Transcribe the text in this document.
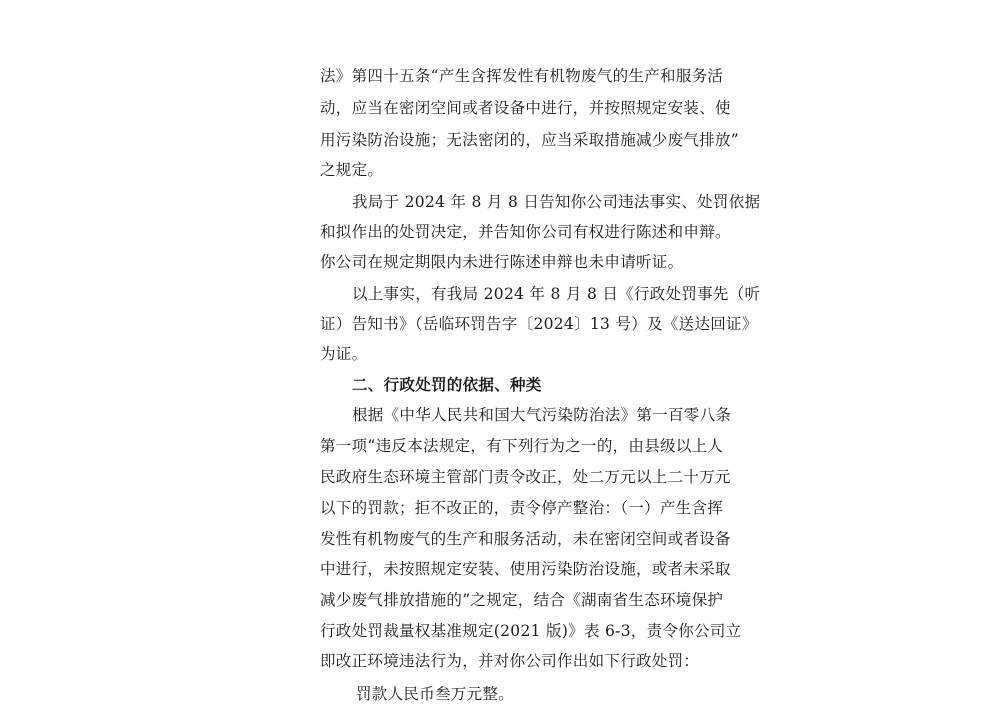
法》第四十五条“产生含挥发性有机物废气的生产和服务活
动，应当在密闭空间或者设备中进行，并按照规定安装、使
用污染防治设施；无法密闭的，应当采取措施减少废气排放”
之规定。
我局于 2024 年 8 月 8 日告知你公司违法事实、处罚依据
和拟作出的处罚决定，并告知你公司有权进行陈述和申辩。
你公司在规定期限内未进行陈述申辩也未申请听证。
以上事实，有我局 2024 年 8 月 8 日《行政处罚事先（听
证）告知书》（岳临环罚告字〔2024〕13 号）及《送达回证》
为证。
二、行政处罚的依据、种类
根据《中华人民共和国大气污染防治法》第一百零八条
第一项“违反本法规定，有下列行为之一的，由县级以上人
民政府生态环境主管部门责令改正，处二万元以上二十万元
以下的罚款；拒不改正的，责令停产整治：（一）产生含挥
发性有机物废气的生产和服务活动，未在密闭空间或者设备
中进行，未按照规定安装、使用污染防治设施，或者未采取
减少废气排放措施的”之规定，结合《湖南省生态环境保护
行政处罚裁量权基准规定(2021 版)》表 6-3，责令你公司立
即改正环境违法行为，并对你公司作出如下行政处罚：
罚款人民币叁万元整。
